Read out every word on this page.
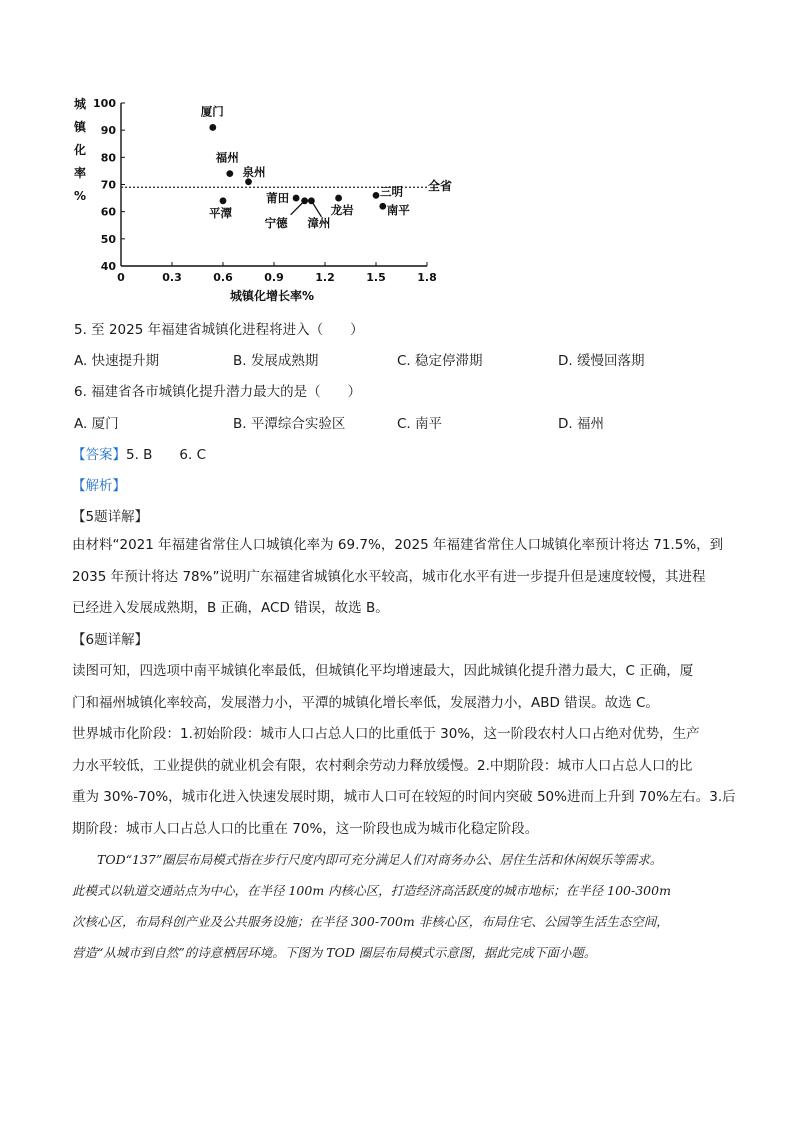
40
50
60
70
80
90
100
0	0.3	0.6	0.9	1.2	1.5	1.8
城
镇
化
率
%
城镇化增长率%
全省
厦门
福州
泉州
平潭
莆田
宁德 漳州
龙岩
三明
南平
5. 至 2025 年福建省城镇化进程将进入（　　）
A. 快速提升期	B. 发展成熟期	C. 稳定停滞期	D. 缓慢回落期
6. 福建省各市城镇化提升潜力最大的是（　　）
A. 厦门	B. 平潭综合实验区	C. 南平	D. 福州
【答案】5. B　　6. C
【解析】
【5题详解】
由材料“2021 年福建省常住人口城镇化率为 69.7%，2025 年福建省常住人口城镇化率预计将达 71.5%，到
2035 年预计将达 78%”说明广东福建省城镇化水平较高，城市化水平有进一步提升但是速度较慢，其进程
已经进入发展成熟期，B 正确，ACD 错误，故选 B。
【6题详解】
读图可知，四选项中南平城镇化率最低，但城镇化平均增速最大，因此城镇化提升潜力最大，C 正确，厦
门和福州城镇化率较高，发展潜力小，平潭的城镇化增长率低，发展潜力小，ABD 错误。故选 C。
世界城市化阶段：1.初始阶段：城市人口占总人口的比重低于 30%，这一阶段农村人口占绝对优势，生产
力水平较低，工业提供的就业机会有限，农村剩余劳动力释放缓慢。2.中期阶段：城市人口占总人口的比
重为 30%-70%，城市化进入快速发展时期，城市人口可在较短的时间内突破 50%进而上升到 70%左右。3.后
期阶段：城市人口占总人口的比重在 70%，这一阶段也成为城市化稳定阶段。
　　TOD“137”圈层布局模式指在步行尺度内即可充分满足人们对商务办公、居住生活和休闲娱乐等需求。
此模式以轨道交通站点为中心，在半径 100m 内核心区，打造经济高活跃度的城市地标；在半径 100-300m
次核心区，布局科创产业及公共服务设施；在半径 300-700m 非核心区，布局住宅、公园等生活生态空间，
营造“从城市到自然”的诗意栖居环境。下图为 TOD 圈层布局模式示意图，据此完成下面小题。
